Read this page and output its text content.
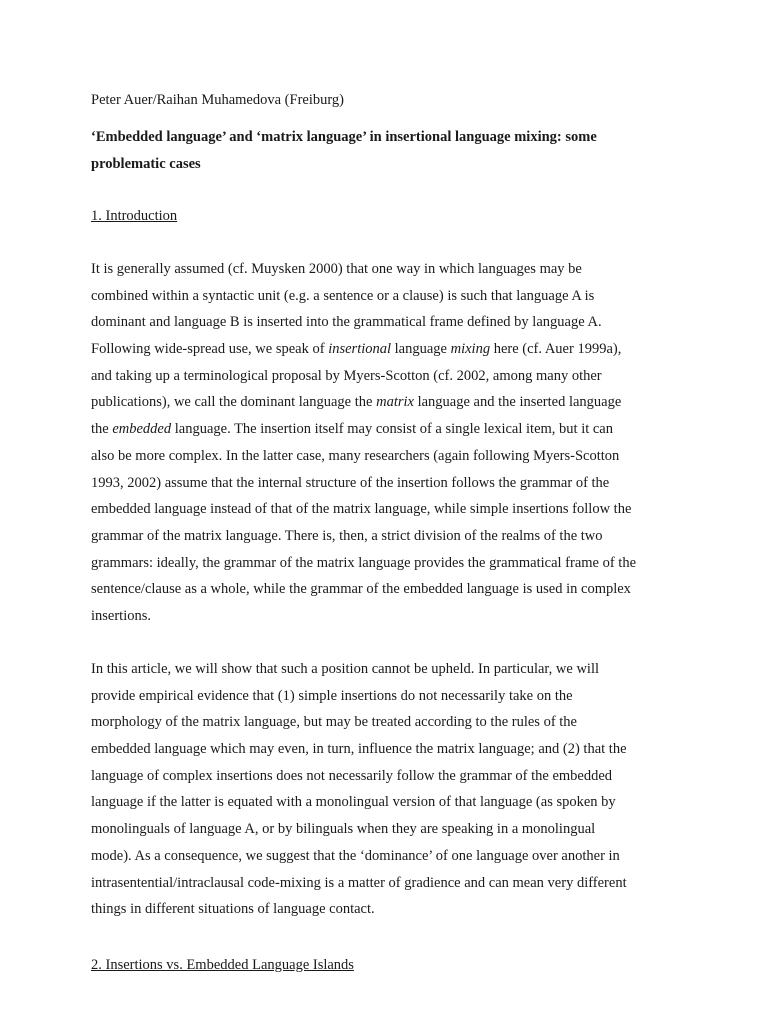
Peter Auer/Raihan Muhamedova (Freiburg)
‘Embedded language’ and ‘matrix language’ in insertional language mixing: some
problematic cases
1. Introduction
It is generally assumed (cf. Muysken 2000) that one way in which languages may be
combined within a syntactic unit (e.g. a sentence or a clause) is such that language A is
dominant and language B is inserted into the grammatical frame defined by language A.
Following wide-spread use, we speak of insertional language mixing here (cf. Auer 1999a),
and taking up a terminological proposal by Myers-Scotton (cf. 2002, among many other
publications), we call the dominant language the matrix language and the inserted language
the embedded language. The insertion itself may consist of a single lexical item, but it can
also be more complex. In the latter case, many researchers (again following Myers-Scotton
1993, 2002) assume that the internal structure of the insertion follows the grammar of the
embedded language instead of that of the matrix language, while simple insertions follow the
grammar of the matrix language. There is, then, a strict division of the realms of the two
grammars: ideally, the grammar of the matrix language provides the grammatical frame of the
sentence/clause as a whole, while the grammar of the embedded language is used in complex
insertions.
In this article, we will show that such a position cannot be upheld. In particular, we will
provide empirical evidence that (1) simple insertions do not necessarily take on the
morphology of the matrix language, but may be treated according to the rules of the
embedded language which may even, in turn, influence the matrix language; and (2) that the
language of complex insertions does not necessarily follow the grammar of the embedded
language if the latter is equated with a monolingual version of that language (as spoken by
monolinguals of language A, or by bilinguals when they are speaking in a monolingual
mode). As a consequence, we suggest that the ‘dominance’ of one language over another in
intrasentential/intraclausal code-mixing is a matter of gradience and can mean very different
things in different situations of language contact.
2. Insertions vs. Embedded Language Islands
